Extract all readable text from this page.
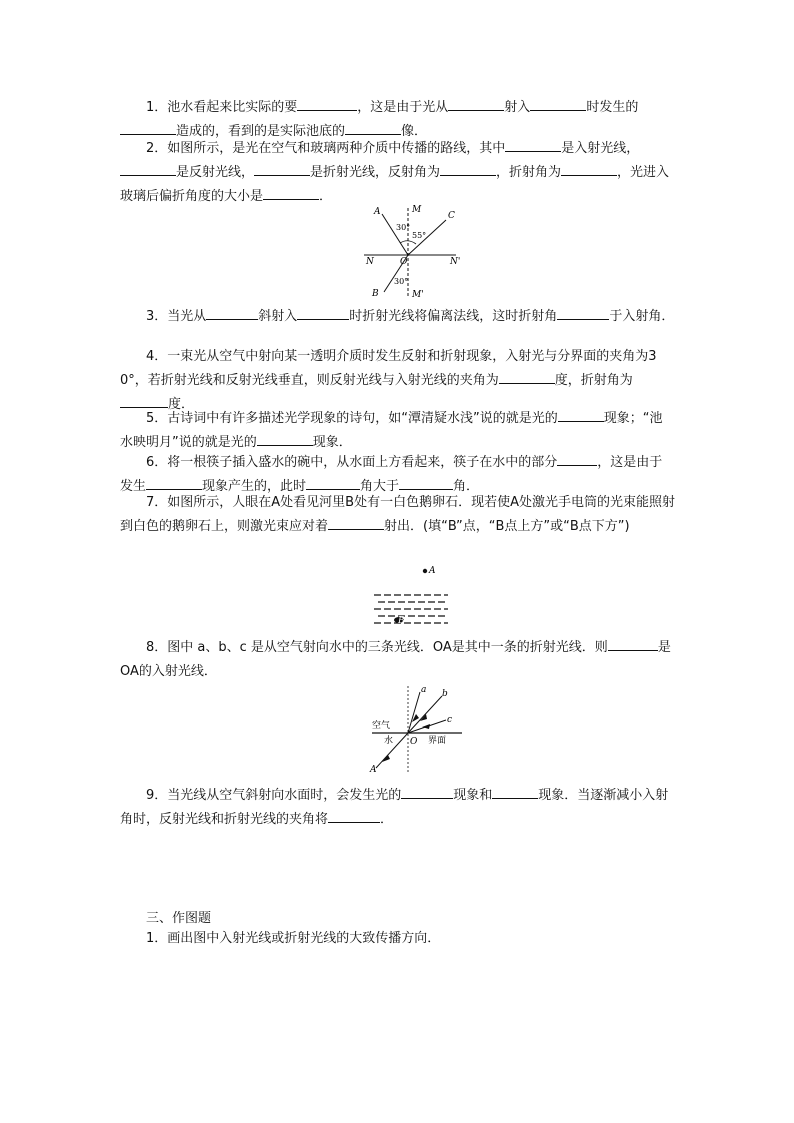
1．池水看起来比实际的要	，这是由于光从	射入	时发生的造成的，看到的是实际池底的	像．

2．如图所示，是光在空气和玻璃两种介质中传播的路线，其中	是入射光线，是反射光线，	是折射光线，反射角为	，折射角为	，光进入玻璃后偏折角度的大小是	．

A	M
C
30°
55°
N	O	N'
B
30°
M'

3．当光从	斜射入	时折射光线将偏离法线，这时折射角	于入射角．

4．一束光从空气中射向某一透明介质时发生反射和折射现象，入射光与分界面的夹角为30°，若折射光线和反射光线垂直，则反射光线与入射光线的夹角为	度，折射角为度．

5．古诗词中有许多描述光学现象的诗句，如“潭清疑水浅”说的就是光的	现象；“池水映明月”说的就是光的	现象．

6．将一根筷子插入盛水的碗中，从水面上方看起来，筷子在水中的部分	，这是由于发生	现象产生的，此时	角大于	角．

7．如图所示，人眼在A处看见河里B处有一白色鹅卵石．现若使A处激光手电筒的光束能照射到白色的鹅卵石上，则激光束应对着	射出．(填“B”点，“B点上方”或“B点下方”)

A
B

8．图中 a、b、c 是从空气射向水中的三条光线．OA是其中一条的折射光线．则	是 OA的入射光线．

a b
c
空气
水 O 界面
A

9．当光线从空气斜射向水面时，会发生光的	现象和	现象．当逐渐减小入射角时，反射光线和折射光线的夹角将	．

三、作图题
1．画出图中入射光线或折射光线的大致传播方向．
